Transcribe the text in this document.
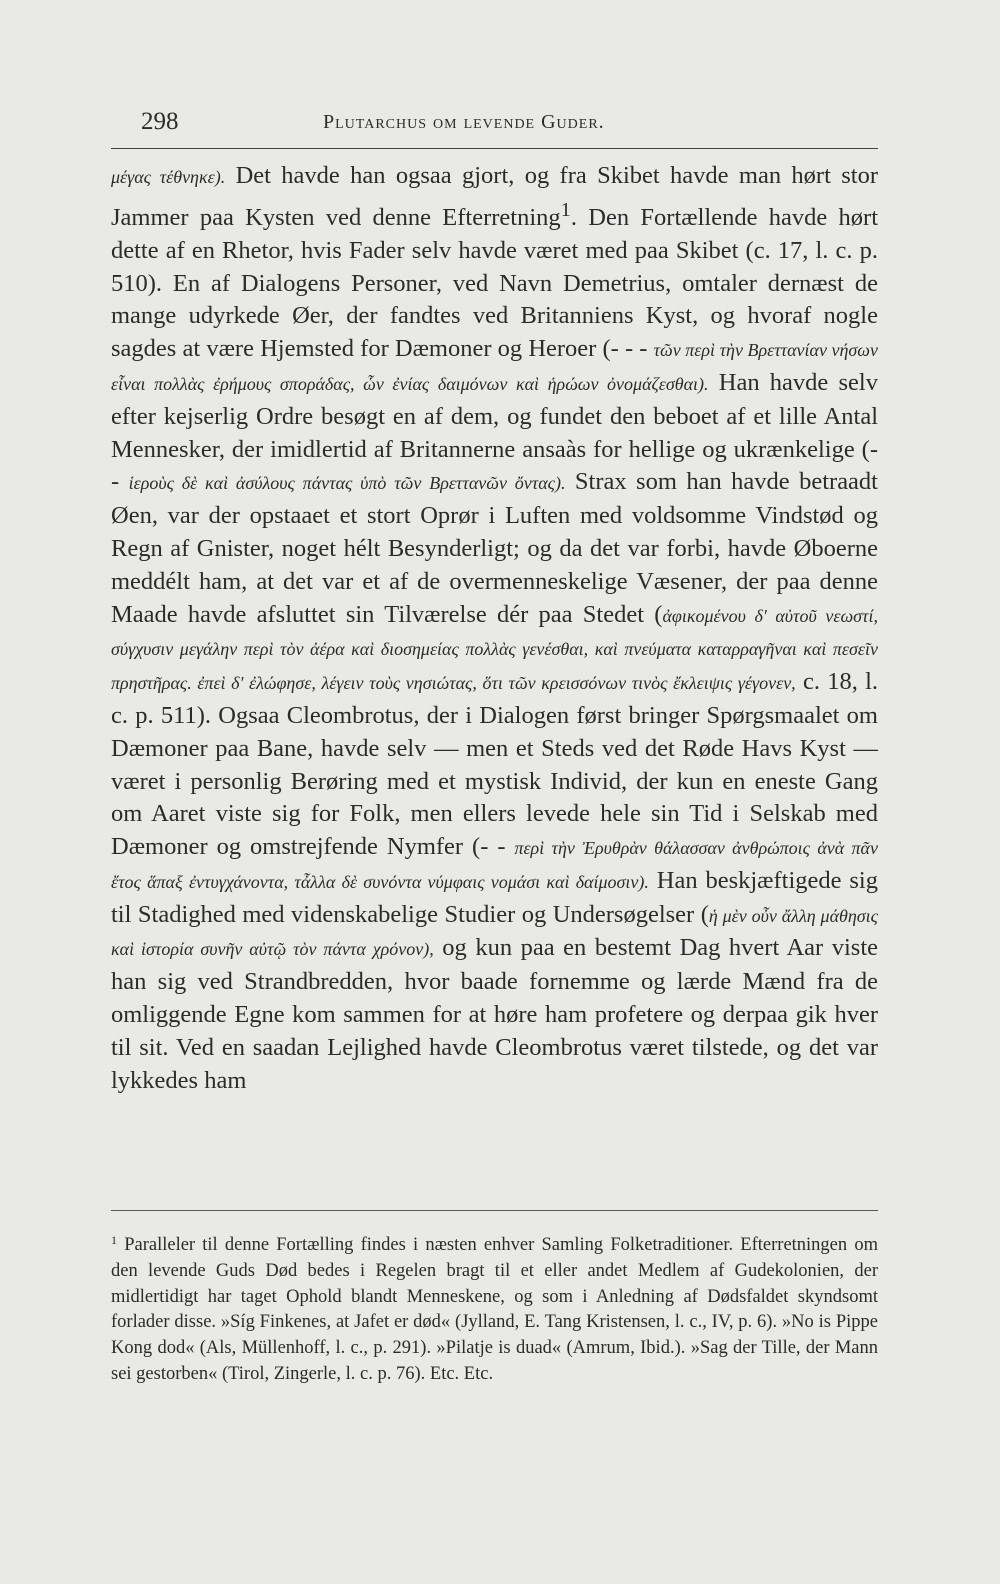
298	Plutarchus om levende Guder.

μέγας τέθνηκε). Det havde han ogsaa gjort, og fra Skibet havde man hørt stor Jammer paa Kysten ved denne Efterretning$^1$. Den Fortællende havde hørt dette af en Rhetor, hvis Fader selv havde været med paa Skibet (c. 17, l. c. p. 510). En af Dialogens Personer, ved Navn Demetrius, omtaler dernæst de mange udyrkede Øer, der fandtes ved Britanniens Kyst, og hvoraf nogle sagdes at være Hjemsted for Dæmoner og Heroer (- - - τῶν περὶ τὴν Βρεττανίαν νήσων εἶναι πολλὰς ἐρήμους σποράδας, ὧν ἐνίας δαιμόνων καὶ ἡρώων ὀνομάζεσθαι). Han havde selv efter kejserlig Ordre besøgt en af dem, og fundet den beboet af et lille Antal Mennesker, der imidlertid af Britannerne ansaàs for hellige og ukrænkelige (- - ἱεροὺς δὲ καὶ ἀσύλους πάντας ὑπὸ τῶν Βρεττανῶν ὄντας). Strax som han havde betraadt Øen, var der opstaaet et stort Oprør i Luften med voldsomme Vindstød og Regn af Gnister, noget hélt Besynderligt; og da det var forbi, havde Øboerne meddélt ham, at det var et af de overmenneskelige Væsener, der paa denne Maade havde afsluttet sin Tilværelse dér paa Stedet (ἀφικομένου δ' αὐτοῦ νεωστί, σύγχυσιν μεγάλην περὶ τὸν ἀέρα καὶ διοσημείας πολλὰς γενέσθαι, καὶ πνεύματα καταρραγῆναι καὶ πεσεῖν πρηστῆρας. ἐπεὶ δ' ἐλώφησε, λέγειν τοὺς νησιώτας, ὅτι τῶν κρεισσόνων τινὸς ἔκλειψις γέγονεν, c. 18, l. c. p. 511). Ogsaa Cleombrotus, der i Dialogen først bringer Spørgsmaalet om Dæmoner paa Bane, havde selv — men et Steds ved det Røde Havs Kyst — været i personlig Berøring med et mystisk Individ, der kun en eneste Gang om Aaret viste sig for Folk, men ellers levede hele sin Tid i Selskab med Dæmoner og omstrejfende Nymfer (- - περὶ τὴν Ἐρυθρὰν θάλασσαν ἀνθρώποις ἀνὰ πᾶν ἔτος ἅπαξ ἐντυγχάνοντα, τἆλλα δὲ συνόντα νύμφαις νομάσι καὶ δαίμοσιν). Han beskjæftigede sig til Stadighed med videnskabelige Studier og Undersøgelser (ἡ μὲν οὖν ἄλλη μάθησις καὶ ἱστορία συνῆν αὐτῷ τὸν πάντα χρόνον), og kun paa en bestemt Dag hvert Aar viste han sig ved Strandbredden, hvor baade fornemme og lærde Mænd fra de omliggende Egne kom sammen for at høre ham profetere og derpaa gik hver til sit. Ved en saadan Lejlighed havde Cleombrotus været tilstede, og det var lykkedes ham

$^1$ Paralleler til denne Fortælling findes i næsten enhver Samling Folketraditioner. Efterretningen om den levende Guds Død bedes i Regelen bragt til et eller andet Medlem af Gudekolonien, der midlertidigt har taget Ophold blandt Menneskene, og som i Anledning af Dødsfaldet skyndsomt forlader disse. »Síg Finkenes, at Jafet er død« (Jylland, E. Tang Kristensen, l. c., IV, p. 6). »No is Pippe Kong dod« (Als, Müllenhoff, l. c., p. 291). »Pilatje is duad« (Amrum, Ibid.). »Sag der Tille, der Mann sei gestorben« (Tirol, Zingerle, l. c. p. 76). Etc. Etc.
